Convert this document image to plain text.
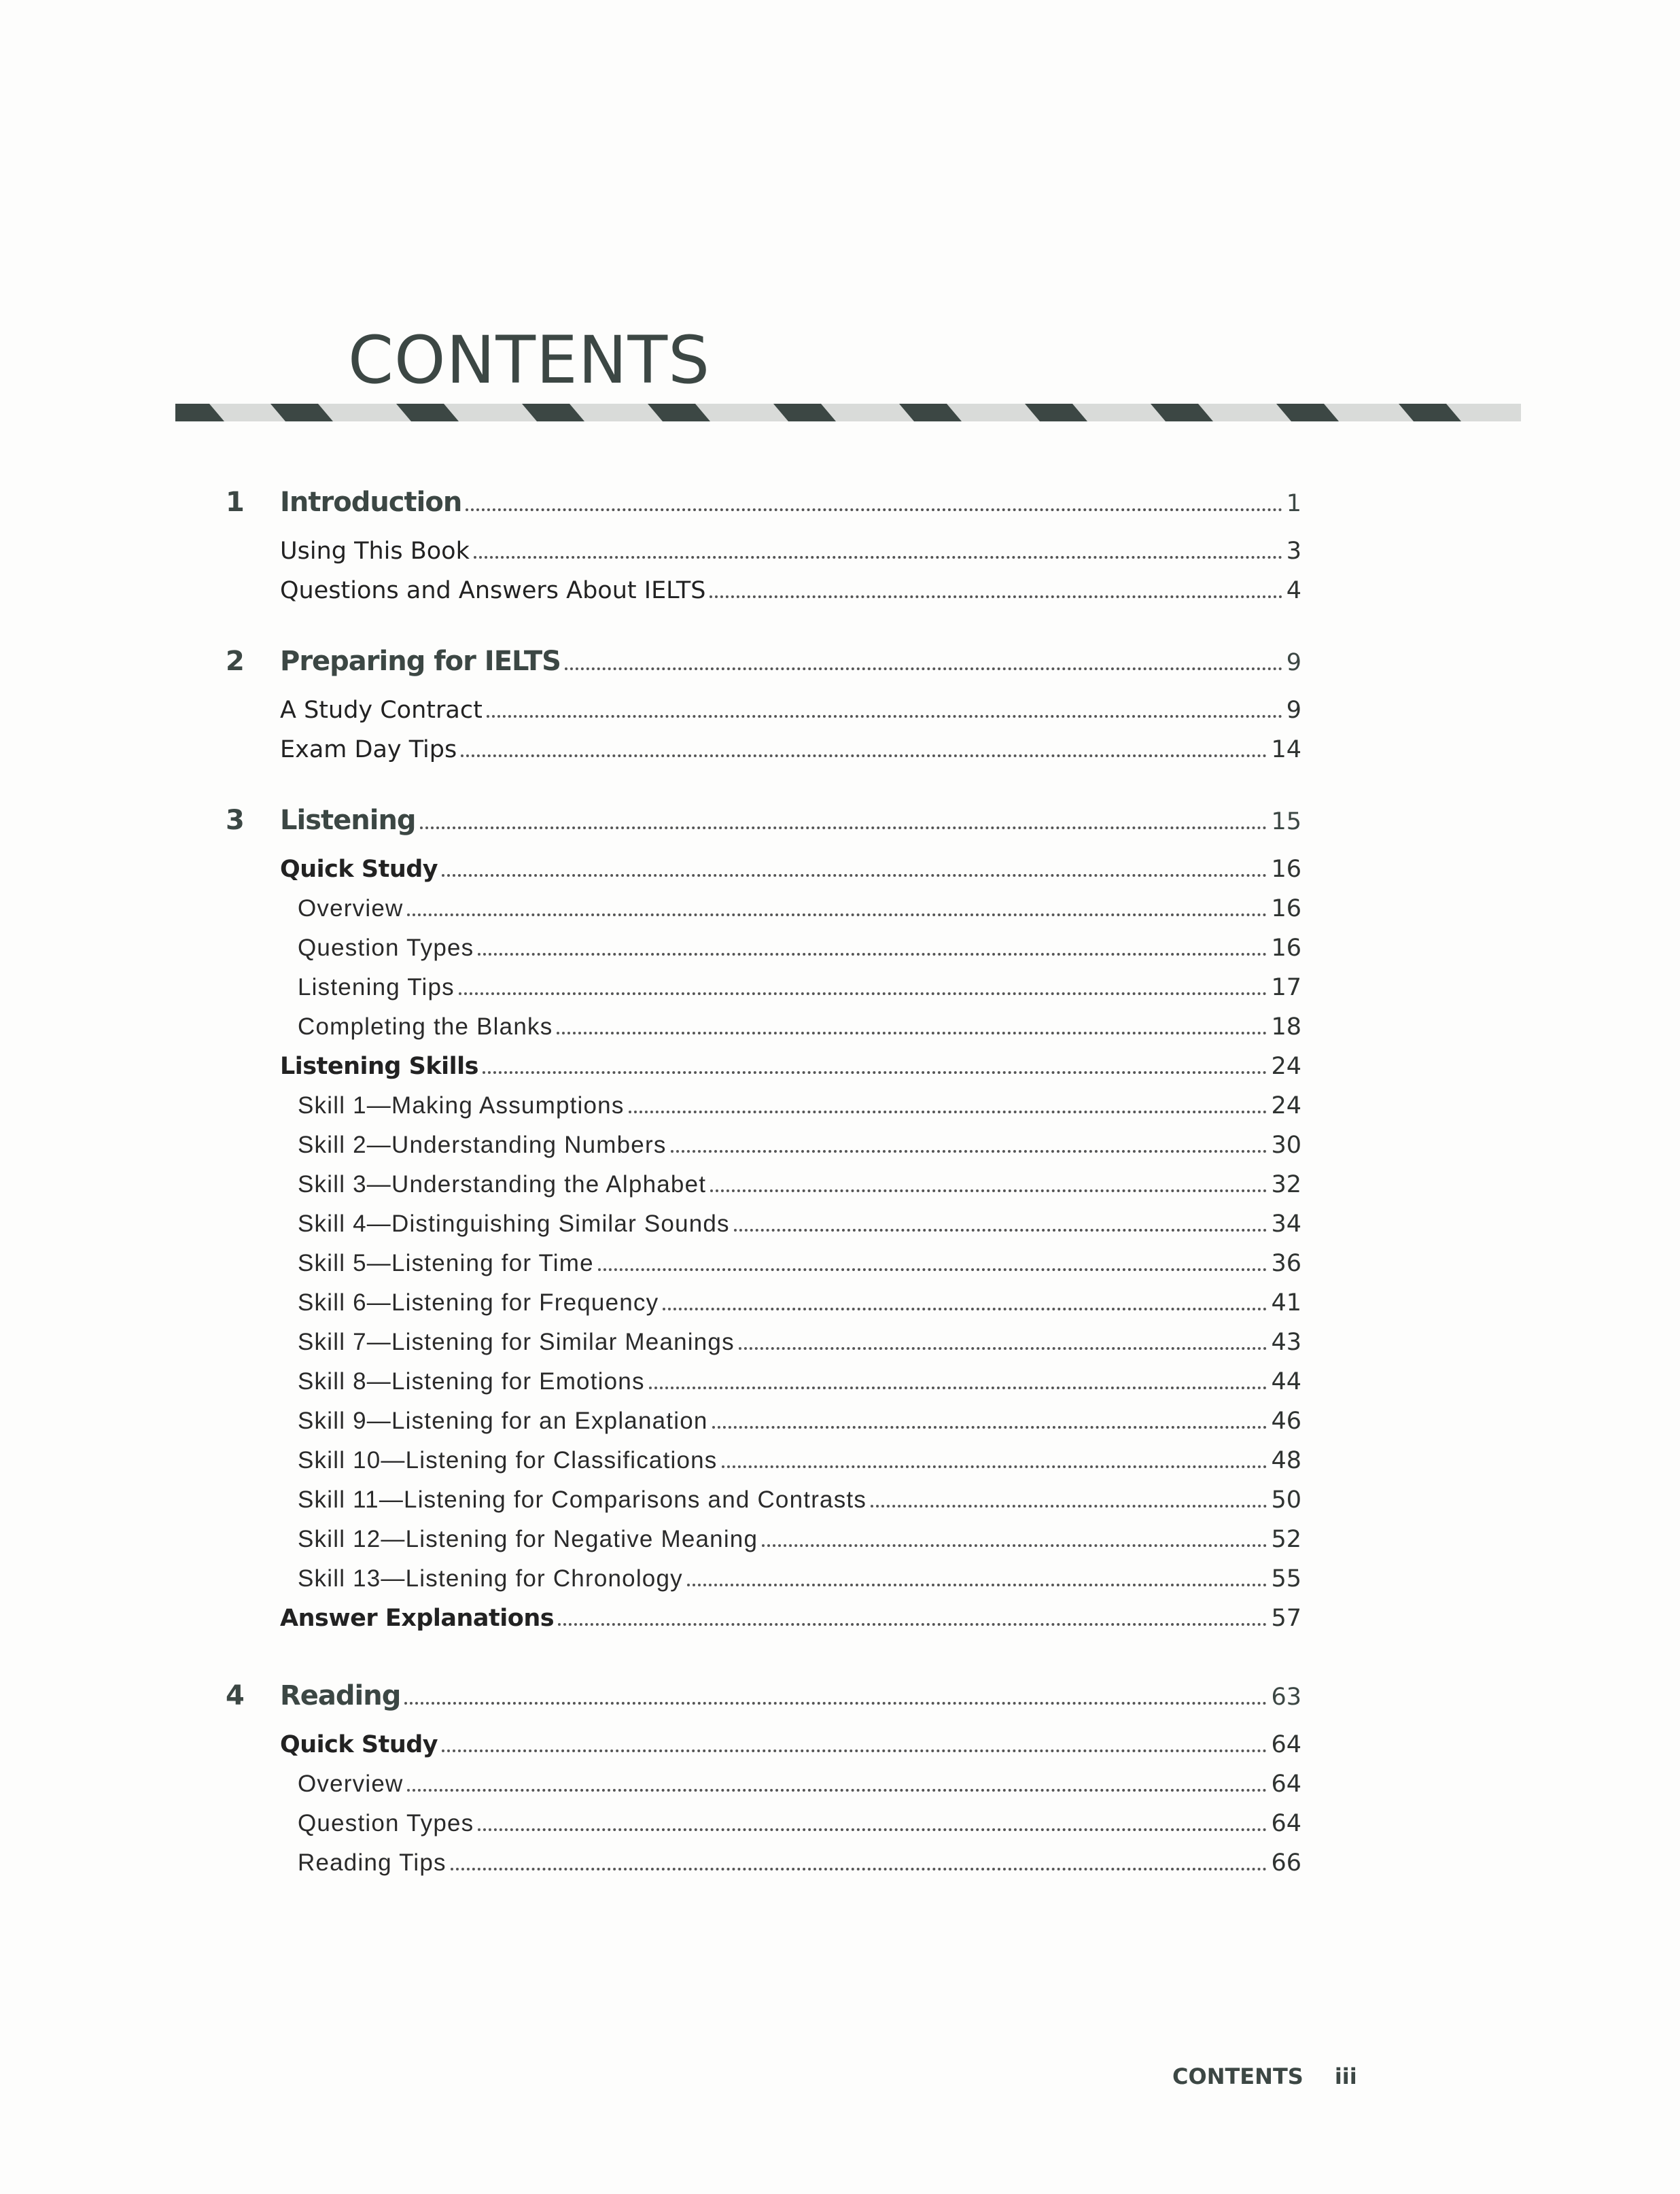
CONTENTS
1	Introduction	1
Using This Book	3
Questions and Answers About IELTS	4
2	Preparing for IELTS	9
A Study Contract	9
Exam Day Tips	14
3	Listening	15
Quick Study	16
Overview	16
Question Types	16
Listening Tips	17
Completing the Blanks	18
Listening Skills	24
Skill 1—Making Assumptions	24
Skill 2—Understanding Numbers	30
Skill 3—Understanding the Alphabet	32
Skill 4—Distinguishing Similar Sounds	34
Skill 5—Listening for Time	36
Skill 6—Listening for Frequency	41
Skill 7—Listening for Similar Meanings	43
Skill 8—Listening for Emotions	44
Skill 9—Listening for an Explanation	46
Skill 10—Listening for Classifications	48
Skill 11—Listening for Comparisons and Contrasts	50
Skill 12—Listening for Negative Meaning	52
Skill 13—Listening for Chronology	55
Answer Explanations	57
4	Reading	63
Quick Study	64
Overview	64
Question Types	64
Reading Tips	66
CONTENTS iii
